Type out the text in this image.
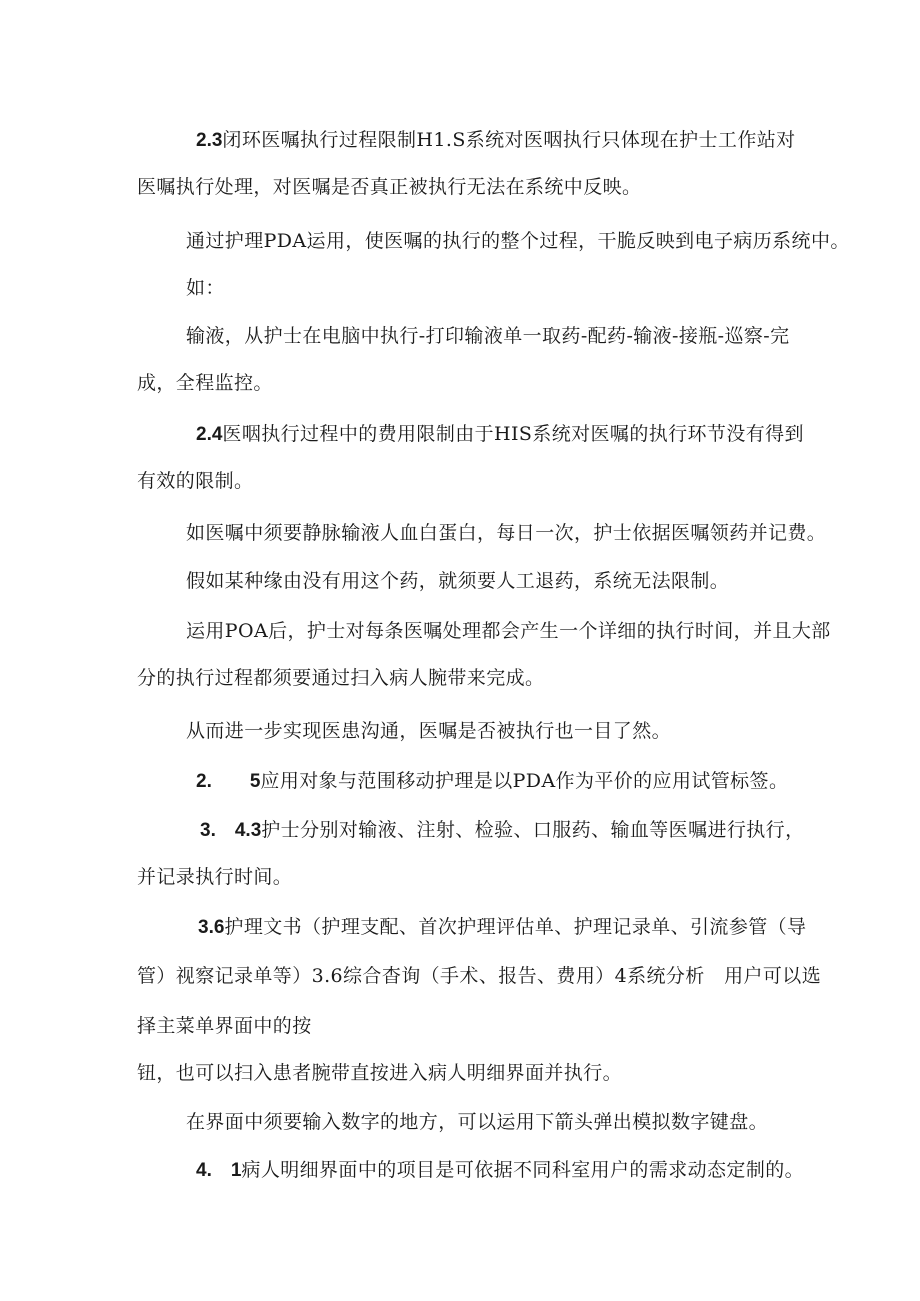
2.3闭环医嘱执行过程限制H1.S系统对医咽执行只体现在护士工作站对
医嘱执行处理，对医嘱是否真正被执行无法在系统中反映。
通过护理PDA运用，使医嘱的执行的整个过程，干脆反映到电子病历系统中。
如：
输液，从护士在电脑中执行-打印输液单一取药-配药-输液-接瓶-巡察-完
成，全程监控。
2.4医咽执行过程中的费用限制由于HIS系统对医嘱的执行环节没有得到
有效的限制。
如医嘱中须要静脉输液人血白蛋白，每日一次，护士依据医嘱领药并记费。
假如某种缘由没有用这个药，就须要人工退药，系统无法限制。
运用POA后，护士对每条医嘱处理都会产生一个详细的执行时间，并且大部
分的执行过程都须要通过扫入病人腕带来完成。
从而进一步实现医患沟通，医嘱是否被执行也一目了然。
2.　　5应用对象与范围移动护理是以PDA作为平价的应用试管标签。
3.　4.3护士分别对输液、注射、检验、口服药、输血等医嘱进行执行，
并记录执行时间。
3.6护理文书（护理支配、首次护理评估单、护理记录单、引流参管（导
管）视察记录单等）3.6综合杳询（手术、报告、费用）4系统分析　用户可以选
择主菜单界面中的按
钮，也可以扫入患者腕带直按进入病人明细界面并执行。
在界面中须要输入数字的地方，可以运用下箭头弹出模拟数字键盘。
4.　1病人明细界面中的项目是可依据不同科室用户的需求动态定制的。
